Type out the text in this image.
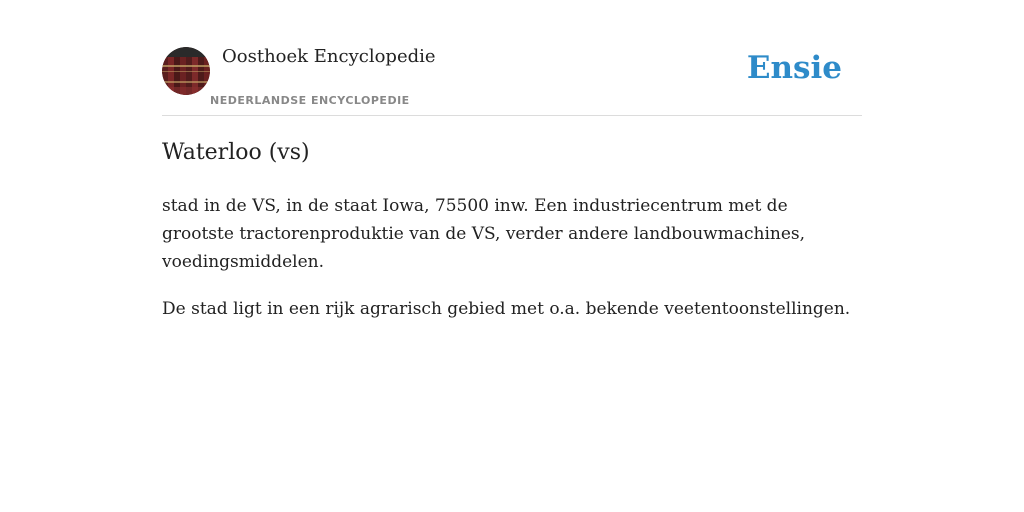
Oosthoek Encyclopedie
NEDERLANDSE ENCYCLOPEDIE
Ensie
Waterloo (vs)

stad in de VS, in de staat Iowa, 75500 inw. Een industriecentrum met de grootste tractorenproduktie van de VS, verder andere landbouwmachines, voedingsmiddelen.

De stad ligt in een rijk agrarisch gebied met o.a. bekende veetentoonstellingen.
